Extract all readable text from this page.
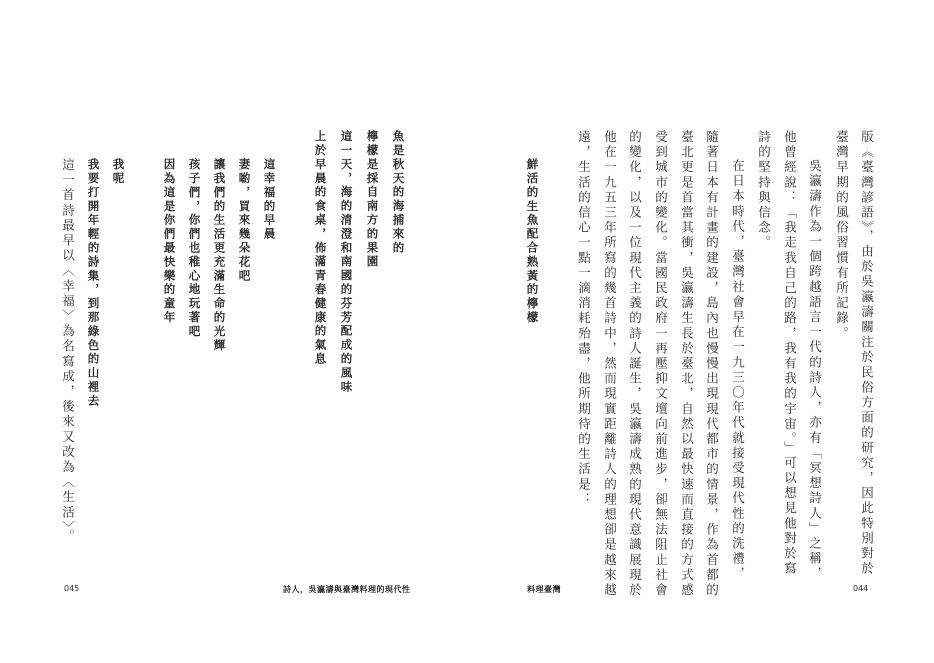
版《臺灣諺語》，由於吳瀛濤關注於民俗方面的研究，因此特別對於
臺灣早期的風俗習慣有所記錄。
吳瀛濤作為一個跨越語言一代的詩人，亦有「冥想詩人」之稱，
他曾經說：「我走我自己的路，我有我的宇宙。」可以想見他對於寫
詩的堅持與信念。
在日本時代，臺灣社會早在一九三〇年代就接受現代性的洗禮，
隨著日本有計畫的建設，島內也慢慢出現現代都市的情景，作為首都的
臺北更是首當其衝，吳瀛濤生長於臺北，自然以最快速而直接的方式感
受到城市的變化。當國民政府一再壓抑文壇向前進步，卻無法阻止社會
的變化，以及一位現代主義的詩人誕生，吳瀛濤成熟的現代意識展現於
他在一九五三年所寫的幾首詩中，然而現實距離詩人的理想卻是越來越
遠，生活的信心一點一滴消耗殆盡，他所期待的生活是：
鮮活的生魚配合熟黃的檸檬
魚是秋天的海捕來的
檸檬是採自南方的果園
這一天，海的清澄和南國的芬芳配成的風味
上於早晨的食桌，佈滿青春健康的氣息
這幸福的早晨
妻喲，買來幾朵花吧
讓我們的生活更充滿生命的光輝
孩子們，你們也稚心地玩著吧
因為這是你們最快樂的童年
我呢
我要打開年輕的詩集，到那綠色的山裡去
這一首詩最早以〈幸福〉為名寫成，後來又改為〈生活〉。
045	詩人，吳瀛濤與臺灣料理的現代性	料理臺灣	044
